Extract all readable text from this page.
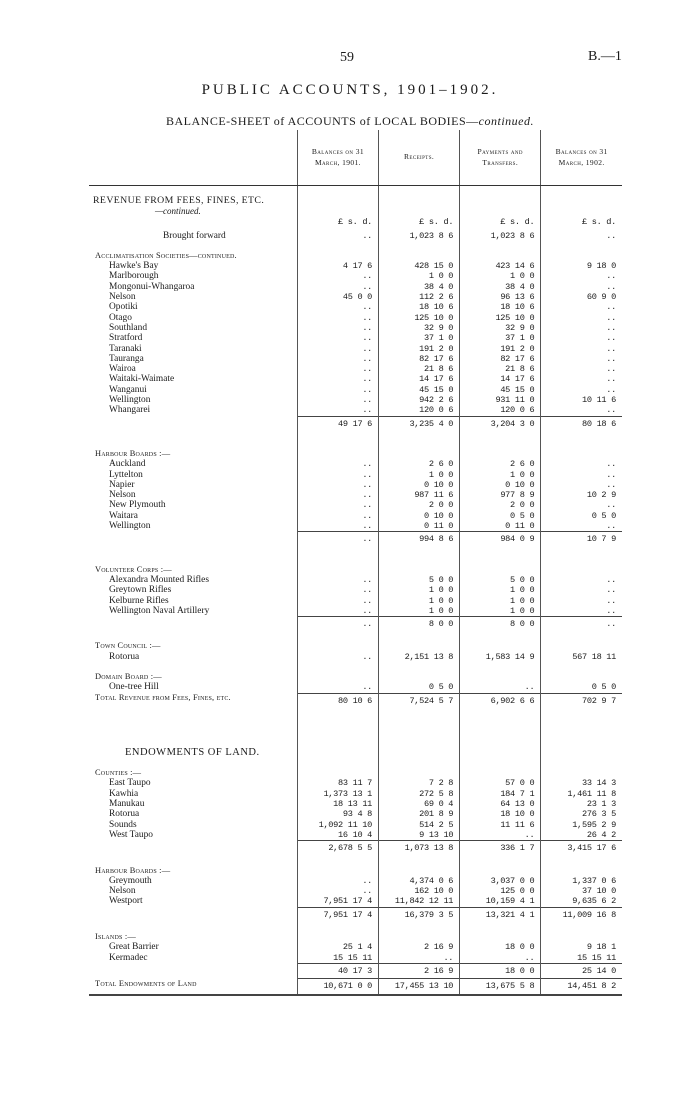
59	B.—1
PUBLIC ACCOUNTS, 1901–1902.
BALANCE-SHEET of ACCOUNTS of LOCAL BODIES—continued.
	Balances on 31 March, 1901.	Receipts.	Payments and Transfers.	Balances on 31 March, 1902.

REVENUE FROM FEES, FINES, ETC.				
—continued.				
	£ s. d.	£ s. d.	£ s. d.	£ s. d.
Brought forward	..	1,023 8 6	1,023 8 6	..

Acclimatisation Societies—continued.				
Hawke's Bay	4 17 6	428 15 0	423 14 6	9 18 0
Marlborough	..	1 0 0	1 0 0	..
Mongonui-Whangaroa	..	38 4 0	38 4 0	..
Nelson	45 0 0	112 2 6	96 13 6	60 9 0
Opotiki	..	18 10 6	18 10 6	..
Otago	..	125 10 0	125 10 0	..
Southland	..	32 9 0	32 9 0	..
Stratford	..	37 1 0	37 1 0	..
Taranaki	..	191 2 0	191 2 0	..
Tauranga	..	82 17 6	82 17 6	..
Wairoa	..	21 8 6	21 8 6	..
Waitaki-Waimate	..	14 17 6	14 17 6	..
Wanganui	..	45 15 0	45 15 0	..
Wellington	..	942 2 6	931 11 0	10 11 6
Whangarei	..	120 0 6	120 0 6	..
	49 17 6	3,235 4 0	3,204 3 0	80 18 6

Harbour Boards :—				
Auckland	..	2 6 0	2 6 0	..
Lyttelton	..	1 0 0	1 0 0	..
Napier	..	0 10 0	0 10 0	..
Nelson	..	987 11 6	977 8 9	10 2 9
New Plymouth	..	2 0 0	2 0 0	..
Waitara	..	0 10 0	0 5 0	0 5 0
Wellington	..	0 11 0	0 11 0	..
	..	994 8 6	984 0 9	10 7 9

Volunteer Corps :—				
Alexandra Mounted Rifles	..	5 0 0	5 0 0	..
Greytown Rifles	..	1 0 0	1 0 0	..
Kelburne Rifles	..	1 0 0	1 0 0	..
Wellington Naval Artillery	..	1 0 0	1 0 0	..
	..	8 0 0	8 0 0	..

Town Council :—				
Rotorua	..	2,151 13 8	1,583 14 9	567 18 11

Domain Board :—				
One-tree Hill	..	0 5 0	..	0 5 0
Total Revenue from Fees, Fines, etc.	80 10 6	7,524 5 7	6,902 6 6	702 9 7

ENDOWMENTS OF LAND.				

Counties :—				
East Taupo	83 11 7	7 2 8	57 0 0	33 14 3
Kawhia	1,373 13 1	272 5 8	184 7 1	1,461 11 8
Manukau	18 13 11	69 0 4	64 13 0	23 1 3
Rotorua	93 4 8	201 8 9	18 10 0	276 3 5
Sounds	1,092 11 10	514 2 5	11 11 6	1,595 2 9
West Taupo	16 10 4	9 13 10	..	26 4 2
	2,678 5 5	1,073 13 8	336 1 7	3,415 17 6

Harbour Boards :—				
Greymouth	..	4,374 0 6	3,037 0 0	1,337 0 6
Nelson	..	162 10 0	125 0 0	37 10 0
Westport	7,951 17 4	11,842 12 11	10,159 4 1	9,635 6 2
	7,951 17 4	16,379 3 5	13,321 4 1	11,009 16 8

Islands :—				
Great Barrier	25 1 4	2 16 9	18 0 0	9 18 1
Kermadec	15 15 11	..	..	15 15 11
	40 17 3	2 16 9	18 0 0	25 14 0
Total Endowments of Land	10,671 0 0	17,455 13 10	13,675 5 8	14,451 8 2
